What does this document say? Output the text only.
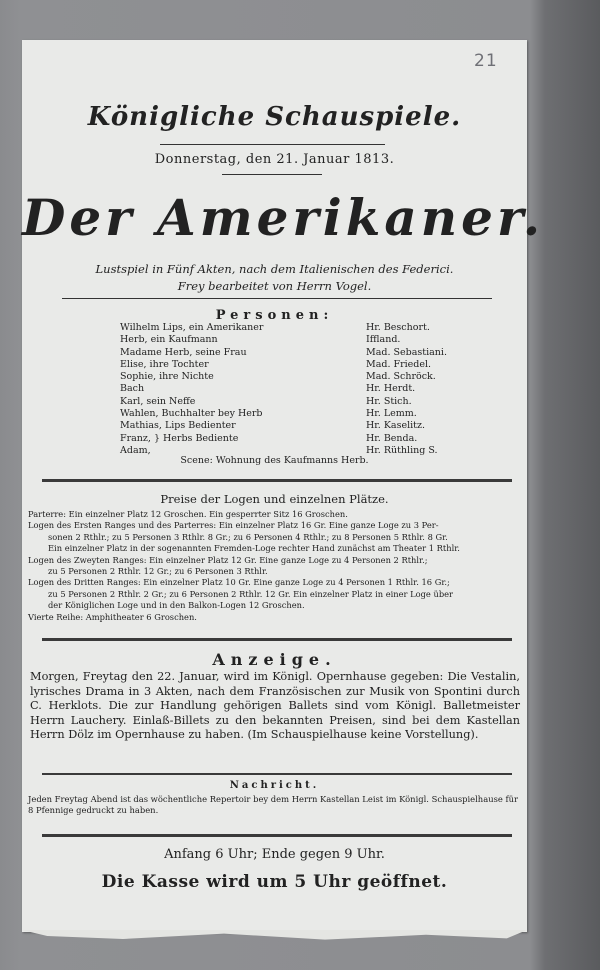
Königliche Schauspiele.
Donnerstag, den 21. Januar 1813.
Der Amerikaner.
Lustspiel in Fünf Akten, nach dem Italienischen des Federici.
Frey bearbeitet von Herrn Vogel.
Personen:
Wilhelm Lips, ein Amerikaner
Herb, ein Kaufmann
Madame Herb, seine Frau
Elise, ihre Tochter
Sophie, ihre Nichte
Bach
Karl, sein Neffe
Wahlen, Buchhalter bey Herb
Mathias, Lips Bedienter
Franz, } Herbs Bediente
Adam,
Hr. Beschort.
Iffland.
Mad. Sebastiani.
Mad. Friedel.
Mad. Schröck.
Hr. Herdt.
Hr. Stich.
Hr. Lemm.
Hr. Kaselitz.
Hr. Benda.
Hr. Rüthling S.
Scene: Wohnung des Kaufmanns Herb.
Preise der Logen und einzelnen Plätze.

Parterre: Ein einzelner Platz 12 Groschen. Ein gesperrter Sitz 16 Groschen.

Logen des Ersten Ranges und des Parterres: Ein einzelner Platz 16 Gr. Eine ganze Loge zu 3 Per-

sonen 2 Rthlr.; zu 5 Personen 3 Rthlr. 8 Gr.; zu 6 Personen 4 Rthlr.; zu 8 Personen 5 Rthlr. 8 Gr.

Ein einzelner Platz in der sogenannten Fremden-Loge rechter Hand zunächst am Theater 1 Rthlr.

Logen des Zweyten Ranges: Ein einzelner Platz 12 Gr. Eine ganze Loge zu 4 Personen 2 Rthlr.;

zu 5 Personen 2 Rthlr. 12 Gr.; zu 6 Personen 3 Rthlr.

Logen des Dritten Ranges: Ein einzelner Platz 10 Gr. Eine ganze Loge zu 4 Personen 1 Rthlr. 16 Gr.;

zu 5 Personen 2 Rthlr. 2 Gr.; zu 6 Personen 2 Rthlr. 12 Gr. Ein einzelner Platz in einer Loge über

der Königlichen Loge und in den Balkon-Logen 12 Groschen.

Vierte Reihe: Amphitheater 6 Groschen.

Anzeige.
Morgen, Freytag den 22. Januar, wird im Königl. Opernhause gegeben: Die Vestalin, lyrisches Drama in 3 Akten, nach dem Französischen zur Musik von Spontini durch C. Herklots. Die zur Handlung gehörigen Ballets sind vom Königl. Balletmeister Herrn Lauchery. Einlaß-Billets zu den bekannten Preisen, sind bei dem Kastellan Herrn Dölz im Opernhause zu haben. (Im Schauspielhause keine Vorstellung).
Nachricht.
Jeden Freytag Abend ist das wöchentliche Repertoir bey dem Herrn Kastellan Leist im Königl. Schauspielhause für 8 Pfennige gedruckt zu haben.
Anfang 6 Uhr; Ende gegen 9 Uhr.
Die Kasse wird um 5 Uhr geöffnet.
21
